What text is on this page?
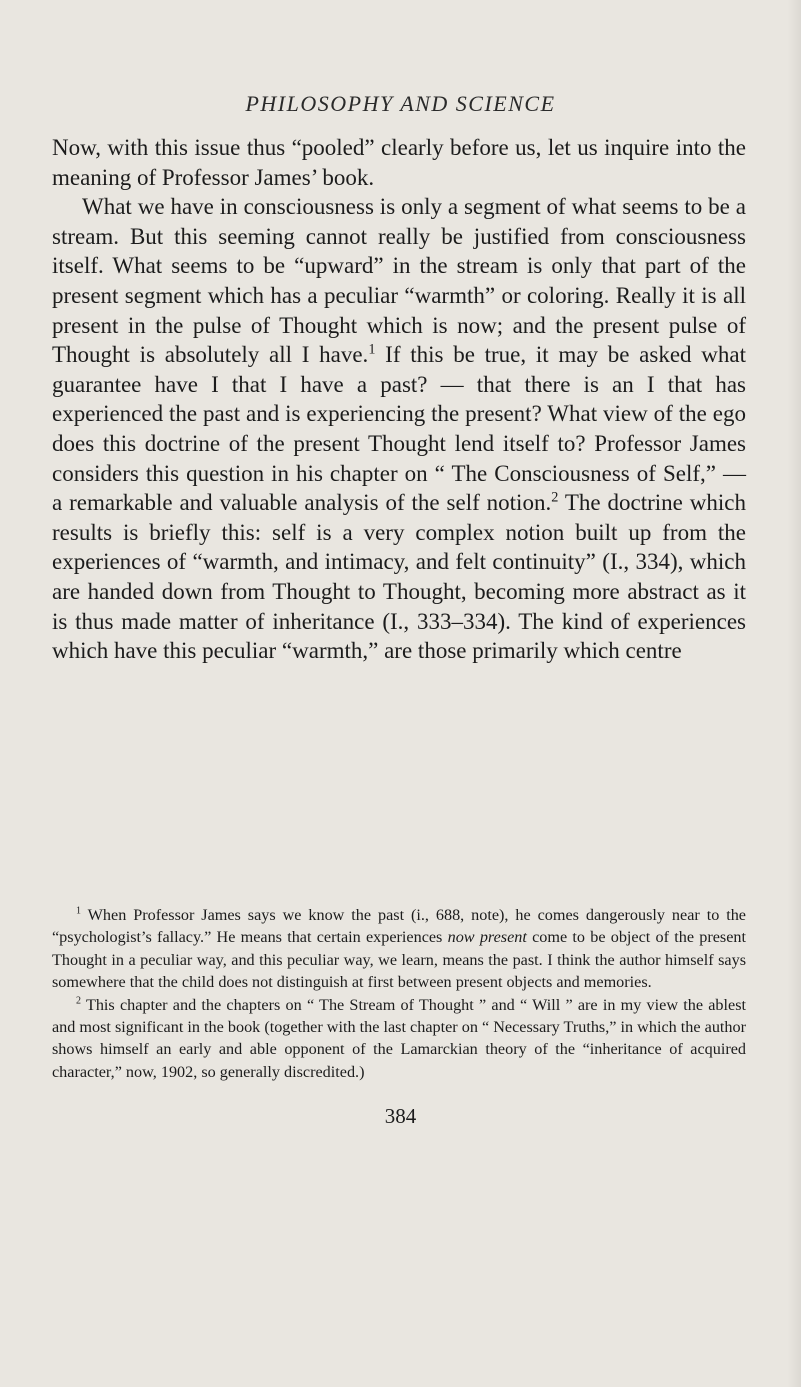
PHILOSOPHY AND SCIENCE

Now, with this issue thus “pooled” clearly before us, let us inquire into the meaning of Professor James’ book.

What we have in consciousness is only a segment of what seems to be a stream. But this seeming cannot really be justified from consciousness itself. What seems to be “upward” in the stream is only that part of the present segment which has a peculiar “warmth” or coloring. Really it is all present in the pulse of Thought which is now; and the present pulse of Thought is absolutely all I have.$^1$ If this be true, it may be asked what guarantee have I that I have a past? — that there is an I that has experienced the past and is experiencing the present? What view of the ego does this doctrine of the present Thought lend itself to? Professor James considers this question in his chapter on “ The Consciousness of Self,” — a remarkable and valuable analysis of the self notion.$^2$ The doctrine which results is briefly this: self is a very complex notion built up from the experiences of “warmth, and intimacy, and felt continuity” (I., 334), which are handed down from Thought to Thought, becoming more abstract as it is thus made matter of inheritance (I., 333–334). The kind of experiences which have this peculiar “warmth,” are those primarily which centre

$^1$ When Professor James says we know the past (i., 688, note), he comes dangerously near to the “psychologist’s fallacy.” He means that certain experiences now present come to be object of the present Thought in a peculiar way, and this peculiar way, we learn, means the past. I think the author himself says somewhere that the child does not distinguish at first between present objects and memories.

$^2$ This chapter and the chapters on “ The Stream of Thought ” and “ Will ” are in my view the ablest and most significant in the book (together with the last chapter on “ Necessary Truths,” in which the author shows himself an early and able opponent of the Lamarckian theory of the “inheritance of acquired character,” now, 1902, so generally discredited.)

384
